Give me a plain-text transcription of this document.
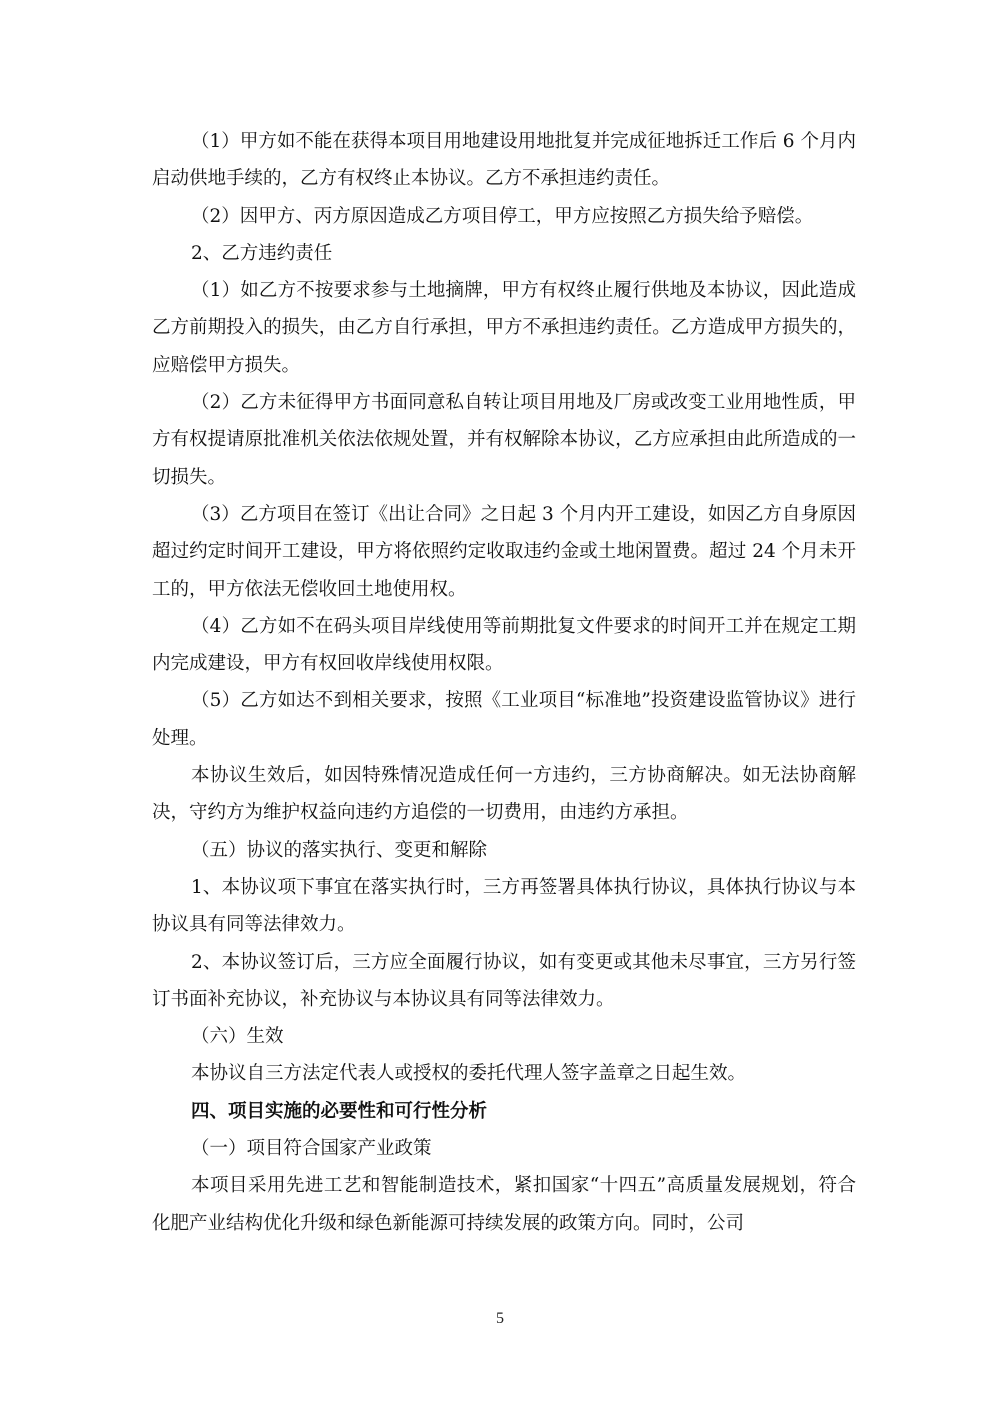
（1）甲方如不能在获得本项目用地建设用地批复并完成征地拆迁工作后 6 个月内启动供地手续的，乙方有权终止本协议。乙方不承担违约责任。

（2）因甲方、丙方原因造成乙方项目停工，甲方应按照乙方损失给予赔偿。

2、乙方违约责任

（1）如乙方不按要求参与土地摘牌，甲方有权终止履行供地及本协议，因此造成乙方前期投入的损失，由乙方自行承担，甲方不承担违约责任。乙方造成甲方损失的，应赔偿甲方损失。

（2）乙方未征得甲方书面同意私自转让项目用地及厂房或改变工业用地性质，甲方有权提请原批准机关依法依规处置，并有权解除本协议，乙方应承担由此所造成的一切损失。

（3）乙方项目在签订《出让合同》之日起 3 个月内开工建设，如因乙方自身原因超过约定时间开工建设，甲方将依照约定收取违约金或土地闲置费。超过 24 个月未开工的，甲方依法无偿收回土地使用权。

（4）乙方如不在码头项目岸线使用等前期批复文件要求的时间开工并在规定工期内完成建设，甲方有权回收岸线使用权限。

（5）乙方如达不到相关要求，按照《工业项目“标准地”投资建设监管协议》进行处理。

本协议生效后，如因特殊情况造成任何一方违约，三方协商解决。如无法协商解决，守约方为维护权益向违约方追偿的一切费用，由违约方承担。

（五）协议的落实执行、变更和解除

1、本协议项下事宜在落实执行时，三方再签署具体执行协议，具体执行协议与本协议具有同等法律效力。

2、本协议签订后，三方应全面履行协议，如有变更或其他未尽事宜，三方另行签订书面补充协议，补充协议与本协议具有同等法律效力。

（六）生效

本协议自三方法定代表人或授权的委托代理人签字盖章之日起生效。

四、项目实施的必要性和可行性分析

（一）项目符合国家产业政策

本项目采用先进工艺和智能制造技术，紧扣国家“十四五”高质量发展规划，符合化肥产业结构优化升级和绿色新能源可持续发展的政策方向。同时，公司

5
